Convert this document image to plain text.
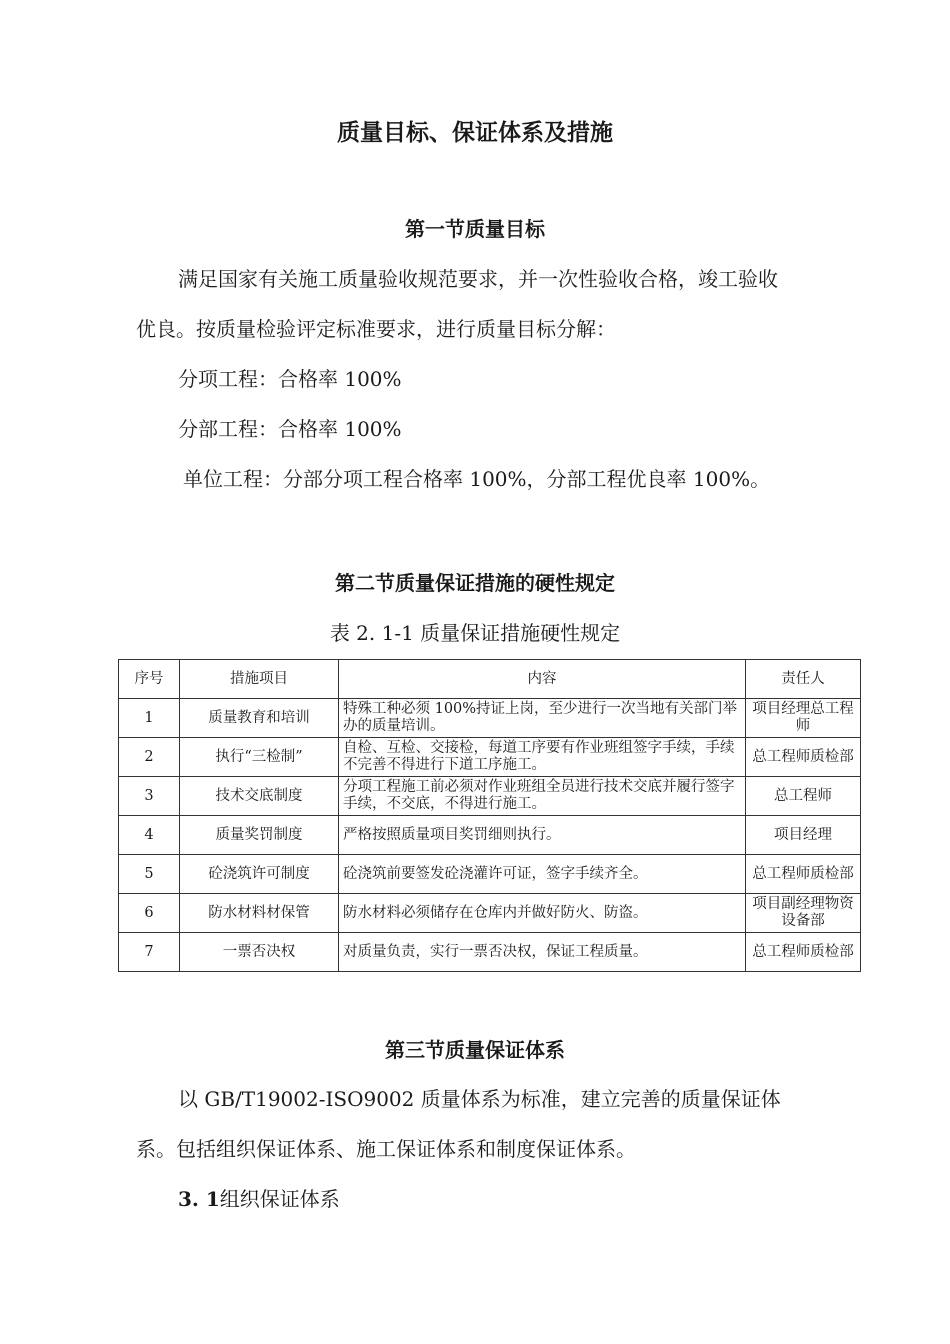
质量目标、保证体系及措施
第一节质量目标

满足国家有关施工质量验收规范要求，并一次性验收合格，竣工验收

优良。按质量检验评定标准要求，进行质量目标分解：

分项工程：合格率 100%

分部工程：合格率 100%

单位工程：分部分项工程合格率 100%，分部工程优良率 100%。

第二节质量保证措施的硬性规定

表 2. 1-1 质量保证措施硬性规定

序号	措施项目	内容	责任人
1	质量教育和培训	特殊工种必须 100%持证上岗，至少进行一次当地有关部门举办的质量培训。	项目经理总工程师
2	执行“三检制”	自检、互检、交接检，每道工序要有作业班组签字手续，手续不完善不得进行下道工序施工。	总工程师质检部
3	技术交底制度	分项工程施工前必须对作业班组全员进行技术交底并履行签字手续，不交底，不得进行施工。	总工程师
4	质量奖罚制度	严格按照质量项目奖罚细则执行。	项目经理
5	砼浇筑许可制度	砼浇筑前要签发砼浇灌许可证，签字手续齐全。	总工程师质检部
6	防水材料材保管	防水材料必须储存在仓库内并做好防火、防盗。	项目副经理物资设备部
7	一票否决权	对质量负责，实行一票否决权，保证工程质量。	总工程师质检部
第三节质量保证体系

以 GB/T19002-ISO9002 质量体系为标准，建立完善的质量保证体

系。包括组织保证体系、施工保证体系和制度保证体系。

3. 1组织保证体系
